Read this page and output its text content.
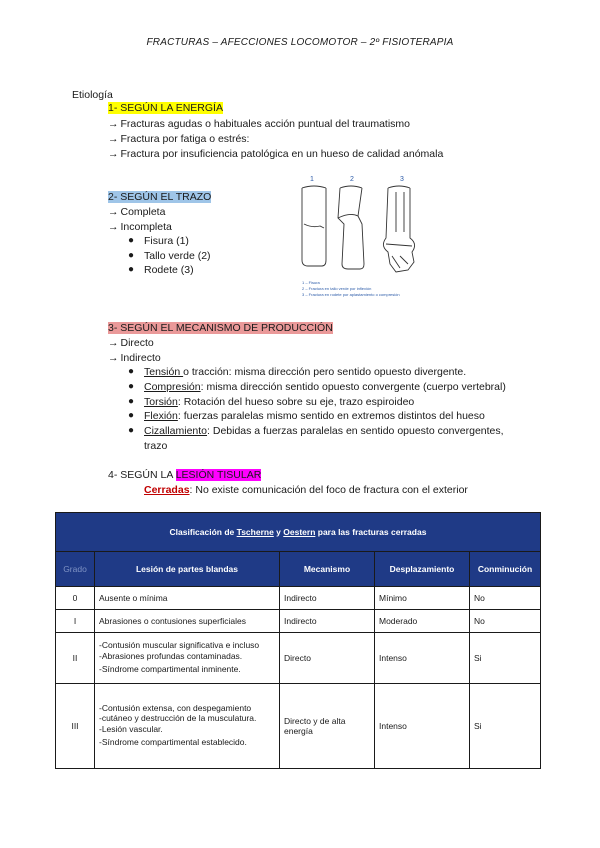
FRACTURAS – AFECCIONES LOCOMOTOR – 2º FISIOTERAPIA
Etiología
1- SEGÚN LA ENERGÍA
→ Fracturas agudas o habituales acción puntual del traumatismo
→ Fractura por fatiga o estrés:
→ Fractura por insuficiencia patológica en un hueso de calidad anómala
2- SEGÚN EL TRAZO
→ Completa
→ Incompleta
● Fisura (1)
● Tallo verde (2)
● Rodete (3)
1	2	3
1 – Fisura
2 – Fractura en tallo verde por inflexión
3 – Fractura en rodete por aplastamiento o compresión
3- SEGÚN EL MECANISMO DE PRODUCCIÓN
→ Directo
→ Indirecto
● Tensión o tracción: misma dirección pero sentido opuesto divergente.
● Compresión: misma dirección sentido opuesto convergente (cuerpo vertebral)
● Torsión: Rotación del hueso sobre su eje, trazo espiroideo
● Flexión: fuerzas paralelas mismo sentido en extremos distintos del hueso
● Cizallamiento: Debidas a fuerzas paralelas en sentido opuesto convergentes,
trazo
4- SEGÚN LA LESIÓN TISULAR
Cerradas: No existe comunicación del foco de fractura con el exterior
Clasificación de Tscherne y Oestern para las fracturas cerradas				
Grado	Lesión de partes blandas	Mecanismo	Desplazamiento	Conminución
0	Ausente o mínima	Indirecto	Mínimo	No
I	Abrasiones o contusiones superficiales	Indirecto	Moderado	No
II	-Contusión muscular significativa e incluso
-Abrasiones profundas contaminadas.
-Síndrome compartimental inminente.	Directo	Intenso	Si
III	-Contusión extensa, con despegamiento
-cutáneo y destrucción de la musculatura.
-Lesión vascular.
-Síndrome compartimental establecido.	Directo y de alta energía	Intenso	Si
